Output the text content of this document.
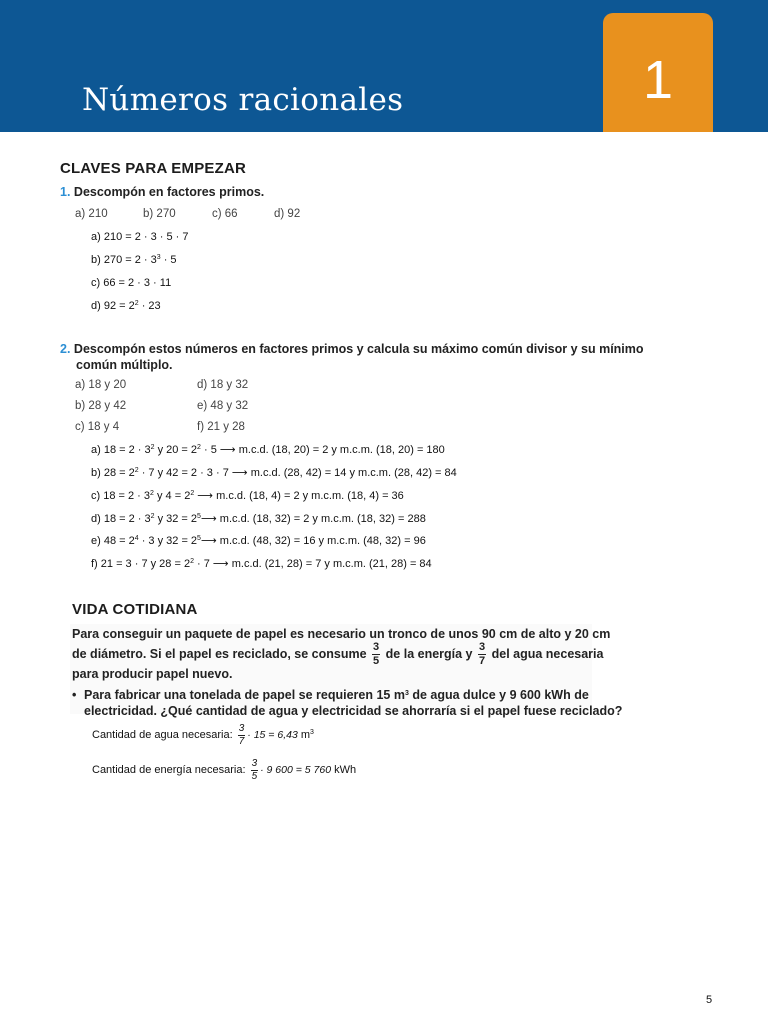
Números racionales	1
CLAVES PARA EMPEZAR
1. Descompón en factores primos.
a) 210	b) 270	c) 66	d) 92
a) 210 = 2 · 3 · 5 · 7
b) $270 = 2 \cdot 3^3 \cdot 5$
c) 66 = 2 · 3 · 11
d) $92 = 2^2 \cdot 23$
2. Descompón estos números en factores primos y calcula su máximo común divisor y su mínimo
común múltiplo.
a) 18 y 20
b) 28 y 42
c) 18 y 4
d) 18 y 32
e) 48 y 32
f) 21 y 28
a) $18 = 2 \cdot 3^2$ y $20 = 2^2 \cdot 5$ ⟶ m.c.d. (18, 20) = 2 y m.c.m. (18, 20) = 180
b) $28 = 2^2 \cdot 7$ y 42 = 2 · 3 · 7 ⟶ m.c.d. (28, 42) = 14 y m.c.m. (28, 42) = 84
c) $18 = 2 \cdot 3^2$ y $4 = 2^2$ ⟶ m.c.d. (18, 4) = 2 y m.c.m. (18, 4) = 36
d) $18 = 2 \cdot 3^2$ y $32 = 2^5⟶$ m.c.d. (18, 32) = 2 y m.c.m. (18, 32) = 288
e) $48 = 2^4 \cdot 3$ y $32 = 2^5⟶$ m.c.d. (48, 32) = 16 y m.c.m. (48, 32) = 96
f) 21 = 3 · 7 y $28 = 2^2 \cdot 7$ ⟶ m.c.d. (21, 28) = 7 y m.c.m. (21, 28) = 84
VIDA COTIDIANA
Para conseguir un paquete de papel es necesario un tronco de unos 90 cm de alto y 20 cm
de diámetro. Si el papel es reciclado, se consume $\frac{3}{5}$ de la energía y $\frac{3}{7}$ del agua necesaria
para producir papel nuevo.
• Para fabricar una tonelada de papel se requieren 15 $m^3$ de agua dulce y 9 600 kWh de
electricidad. ¿Qué cantidad de agua y electricidad se ahorraría si el papel fuese reciclado?
Cantidad de agua necesaria: $\frac{3}{7} \cdot 15 = 6,43$ $m^3$
Cantidad de energía necesaria: $\frac{3}{5} \cdot 9$ 600 = 5 760 kWh
5
